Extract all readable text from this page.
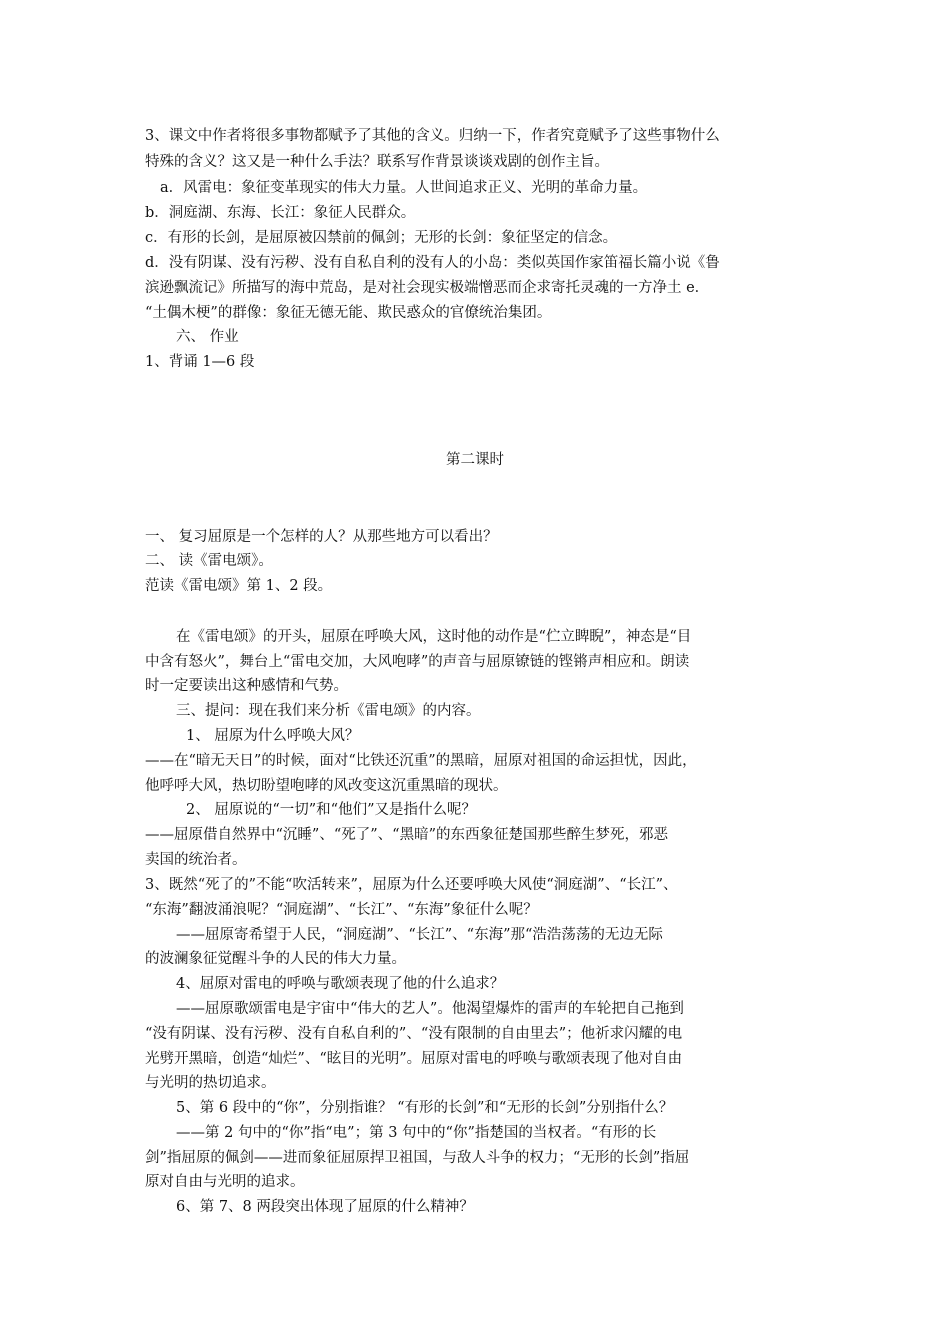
3、课文中作者将很多事物都赋予了其他的含义。归纳一下，作者究竟赋予了这些事物什么
特殊的含义？这又是一种什么手法？联系写作背景谈谈戏剧的创作主旨。
a．风雷电：象征变革现实的伟大力量。人世间追求正义、光明的革命力量。
b．洞庭湖、东海、长江：象征人民群众。
c．有形的长剑，是屈原被囚禁前的佩剑；无形的长剑：象征坚定的信念。
d．没有阴谋、没有污秽、没有自私自利的没有人的小岛：类似英国作家笛福长篇小说《鲁
滨逊飘流记》所描写的海中荒岛，是对社会现实极端憎恶而企求寄托灵魂的一方净土 e．
“土偶木梗”的群像：象征无德无能、欺民惑众的官僚统治集团。
六、 作业
1、背诵 1—6 段
第二课时
一、 复习屈原是一个怎样的人？从那些地方可以看出？
二、 读《雷电颂》。
范读《雷电颂》第 1、2 段。
在《雷电颂》的开头，屈原在呼唤大风，这时他的动作是“伫立睥睨”，神态是“目
中含有怒火”，舞台上“雷电交加，大风咆哮”的声音与屈原镣链的铿锵声相应和。朗读
时一定要读出这种感情和气势。
三、提问：现在我们来分析《雷电颂》的内容。
1、 屈原为什么呼唤大风？
——在“暗无天日”的时候，面对“比铁还沉重”的黑暗，屈原对祖国的命运担忧，因此，
他呼呼大风，热切盼望咆哮的风改变这沉重黑暗的现状。
2、 屈原说的“一切”和“他们”又是指什么呢？
——屈原借自然界中“沉睡”、“死了”、“黑暗”的东西象征楚国那些醉生梦死，邪恶
卖国的统治者。
3、既然“死了的”不能“吹活转来”，屈原为什么还要呼唤大风使“洞庭湖”、“长江”、
“东海”翻波涌浪呢？“洞庭湖”、“长江”、“东海”象征什么呢？
——屈原寄希望于人民，“洞庭湖”、“长江”、“东海”那“浩浩荡荡的无边无际
的波澜象征觉醒斗争的人民的伟大力量。
4、屈原对雷电的呼唤与歌颂表现了他的什么追求？
——屈原歌颂雷电是宇宙中“伟大的艺人”。他渴望爆炸的雷声的车轮把自己拖到
“没有阴谋、没有污秽、没有自私自利的”、“没有限制的自由里去”；他祈求闪耀的电
光劈开黑暗，创造“灿烂”、“眩目的光明”。屈原对雷电的呼唤与歌颂表现了他对自由
与光明的热切追求。
5、第 6 段中的“你”，分别指谁？ “有形的长剑”和“无形的长剑”分别指什么？
——第 2 句中的“你”指“电”；第 3 句中的“你”指楚国的当权者。“有形的长
剑”指屈原的佩剑——进而象征屈原捍卫祖国，与敌人斗争的权力；“无形的长剑”指屈
原对自由与光明的追求。
6、第 7、8 两段突出体现了屈原的什么精神？
